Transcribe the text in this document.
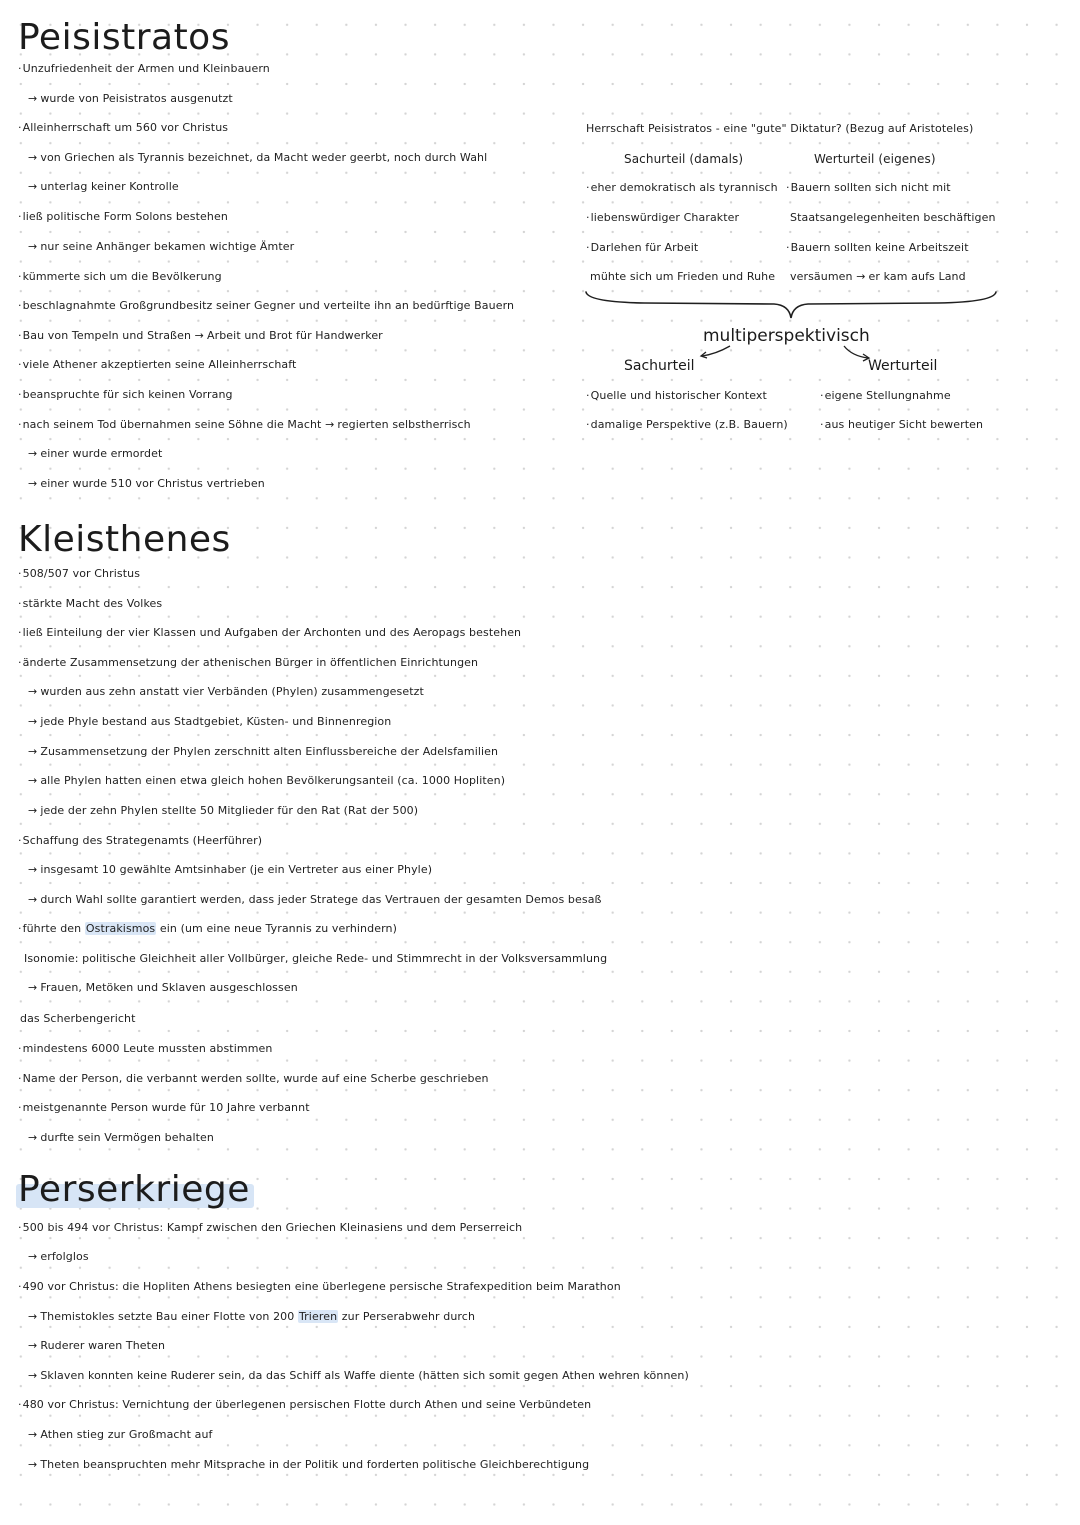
Peisistratos
· Unzufriedenheit der Armen und Kleinbauern
→ wurde von Peisistratos ausgenutzt
· Alleinherrschaft um 560 vor Christus
→ von Griechen als Tyrannis bezeichnet, da Macht weder geerbt, noch durch Wahl
→ unterlag keiner Kontrolle
· ließ politische Form Solons bestehen
→ nur seine Anhänger bekamen wichtige Ämter
· kümmerte sich um die Bevölkerung
· beschlagnahmte Großgrundbesitz seiner Gegner und verteilte ihn an bedürftige Bauern
· Bau von Tempeln und Straßen → Arbeit und Brot für Handwerker
· viele Athener akzeptierten seine Alleinherrschaft
· beanspruchte für sich keinen Vorrang
· nach seinem Tod übernahmen seine Söhne die Macht → regierten selbstherrisch
→ einer wurde ermordet
→ einer wurde 510 vor Christus vertrieben
Herrschaft Peisistratos - eine "gute" Diktatur? (Bezug auf Aristoteles)
Sachurteil (damals)	Werturteil (eigenes)
· eher demokratisch als tyrannisch
· liebenswürdiger Charakter
· Darlehen für Arbeit
mühte sich um Frieden und Ruhe
· Bauern sollten sich nicht mit
Staatsangelegenheiten beschäftigen
· Bauern sollten keine Arbeitszeit
versäumen → er kam aufs Land
multiperspektivisch
Sachurteil	Werturteil
· Quelle und historischer Kontext
· damalige Perspektive (z.B. Bauern)
· eigene Stellungnahme
· aus heutiger Sicht bewerten
Kleisthenes
· 508/507 vor Christus
· stärkte Macht des Volkes
· ließ Einteilung der vier Klassen und Aufgaben der Archonten und des Aeropags bestehen
· änderte Zusammensetzung der athenischen Bürger in öffentlichen Einrichtungen
→ wurden aus zehn anstatt vier Verbänden (Phylen) zusammengesetzt
→ jede Phyle bestand aus Stadtgebiet, Küsten- und Binnenregion
→ Zusammensetzung der Phylen zerschnitt alten Einflussbereiche der Adelsfamilien
→ alle Phylen hatten einen etwa gleich hohen Bevölkerungsanteil (ca. 1000 Hopliten)
→ jede der zehn Phylen stellte 50 Mitglieder für den Rat (Rat der 500)
· Schaffung des Strategenamts (Heerführer)
→ insgesamt 10 gewählte Amtsinhaber (je ein Vertreter aus einer Phyle)
→ durch Wahl sollte garantiert werden, dass jeder Stratege das Vertrauen der gesamten Demos besaß
· führte den Ostrakismos ein (um eine neue Tyrannis zu verhindern)
Isonomie: politische Gleichheit aller Vollbürger, gleiche Rede- und Stimmrecht in der Volksversammlung
→ Frauen, Metöken und Sklaven ausgeschlossen
das Scherbengericht
· mindestens 6000 Leute mussten abstimmen
· Name der Person, die verbannt werden sollte, wurde auf eine Scherbe geschrieben
· meistgenannte Person wurde für 10 Jahre verbannt
→ durfte sein Vermögen behalten
Perserkriege
· 500 bis 494 vor Christus: Kampf zwischen den Griechen Kleinasiens und dem Perserreich
→ erfolglos
· 490 vor Christus: die Hopliten Athens besiegten eine überlegene persische Strafexpedition beim Marathon
→ Themistokles setzte Bau einer Flotte von 200 Trieren zur Perserabwehr durch
→ Ruderer waren Theten
→ Sklaven konnten keine Ruderer sein, da das Schiff als Waffe diente (hätten sich somit gegen Athen wehren können)
· 480 vor Christus: Vernichtung der überlegenen persischen Flotte durch Athen und seine Verbündeten
→ Athen stieg zur Großmacht auf
→ Theten beanspruchten mehr Mitsprache in der Politik und forderten politische Gleichberechtigung
